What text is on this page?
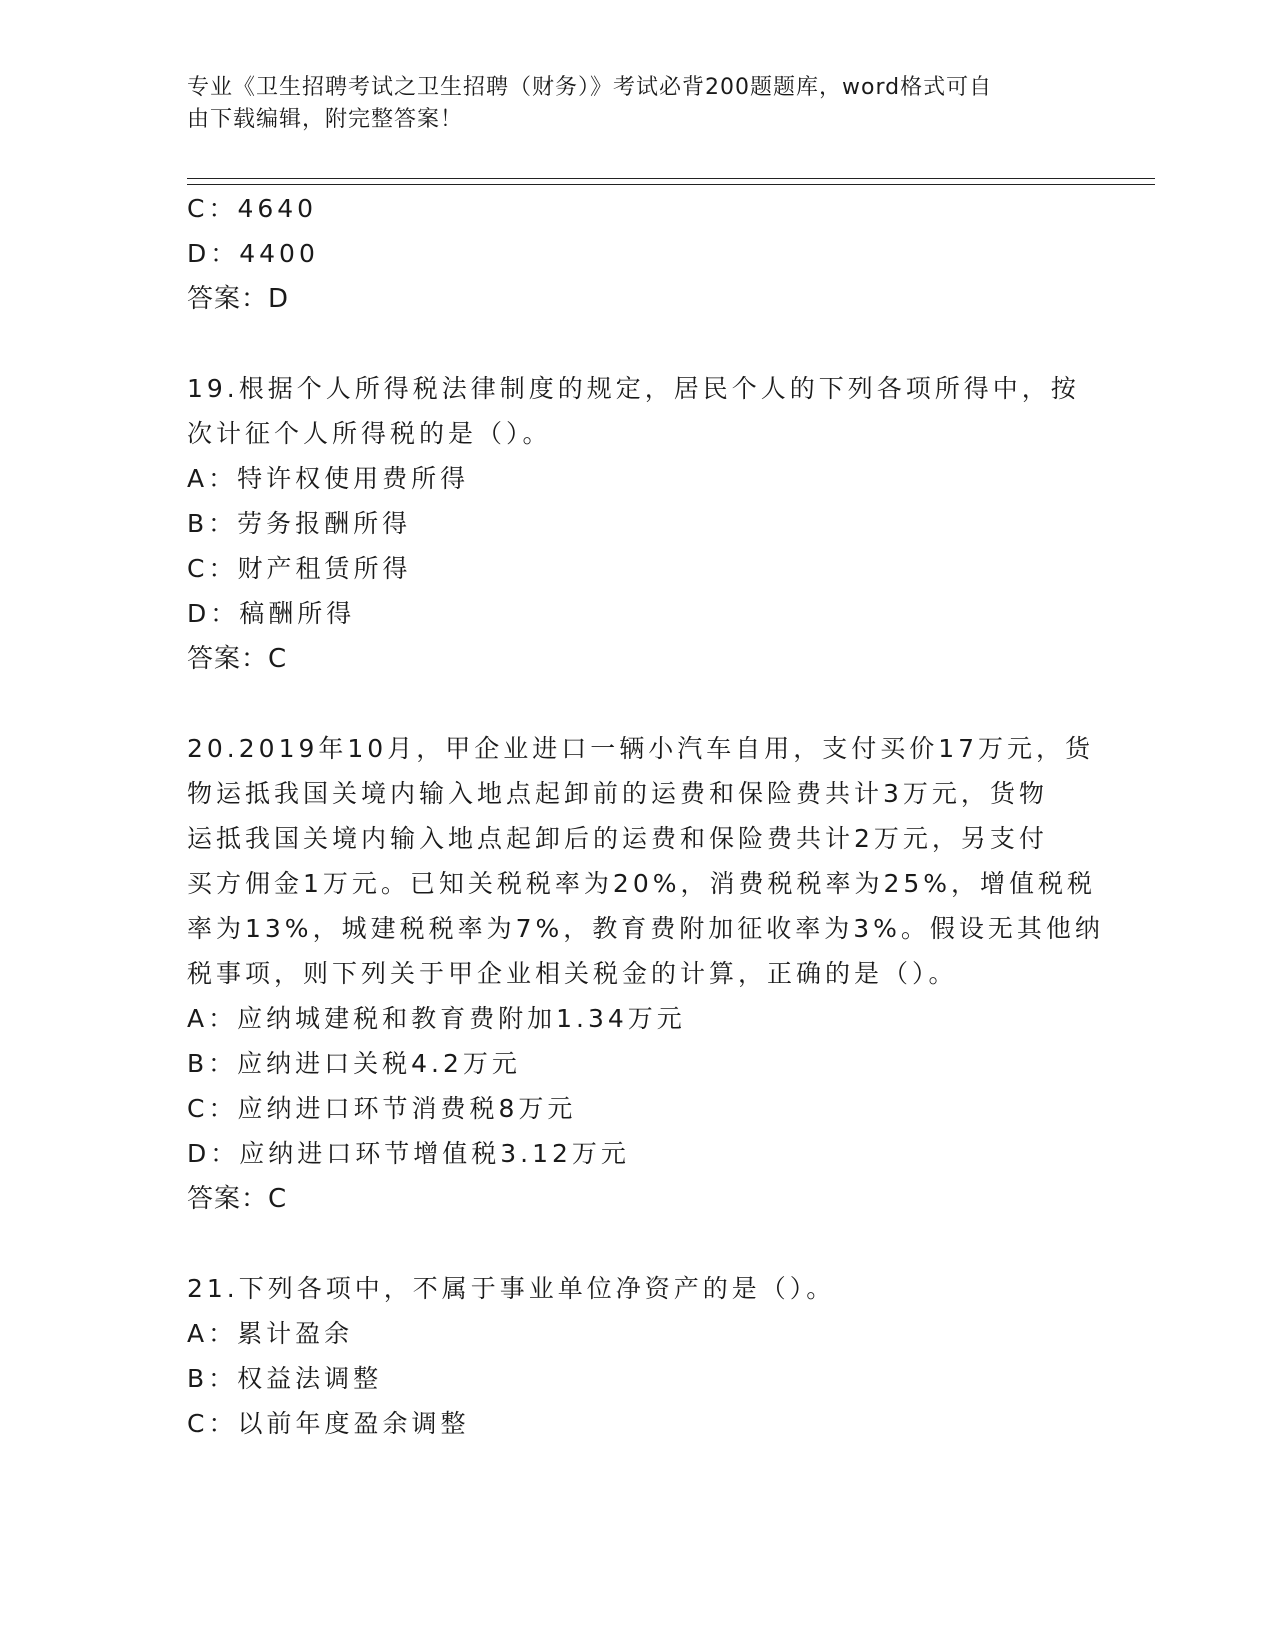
专业《卫生招聘考试之卫生招聘（财务）》考试必背200题题库，word格式可自
由下载编辑，附完整答案！
C：4640
D：4400
答案：D
19.根据个人所得税法律制度的规定，居民个人的下列各项所得中，按
次计征个人所得税的是（）。
A：特许权使用费所得
B：劳务报酬所得
C：财产租赁所得
D：稿酬所得
答案：C
20.2019年10月，甲企业进口一辆小汽车自用，支付买价17万元，货
物运抵我国关境内输入地点起卸前的运费和保险费共计3万元，货物
运抵我国关境内输入地点起卸后的运费和保险费共计2万元，另支付
买方佣金1万元。已知关税税率为20%，消费税税率为25%，增值税税
率为13%，城建税税率为7%，教育费附加征收率为3%。假设无其他纳
税事项，则下列关于甲企业相关税金的计算，正确的是（）。
A：应纳城建税和教育费附加1.34万元
B：应纳进口关税4.2万元
C：应纳进口环节消费税8万元
D：应纳进口环节增值税3.12万元
答案：C
21.下列各项中，不属于事业单位净资产的是（）。
A：累计盈余
B：权益法调整
C：以前年度盈余调整
